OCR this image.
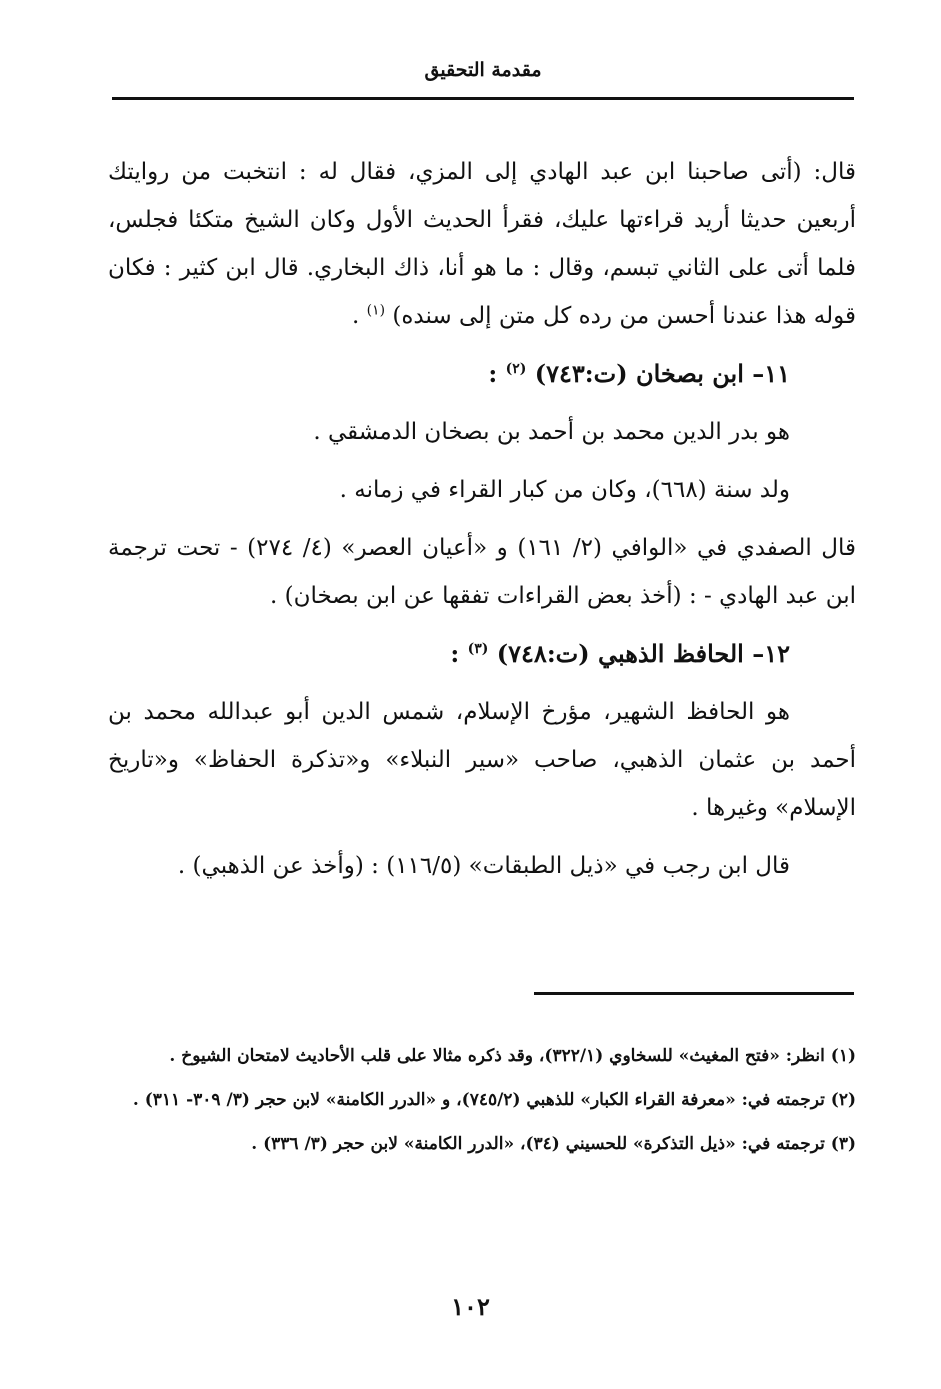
مقدمة التحقيق

قال: (أتى صاحبنا ابن عبد الهادي إلى المزي، فقال له : انتخبت من روايتك أربعين حديثا أريد قراءتها عليك، فقرأ الحديث الأول وكان الشيخ متكئا فجلس، فلما أتى على الثاني تبسم، وقال : ما هو أنا، ذاك البخاري. قال ابن كثير : فكان قوله هذا عندنا أحسن من رده كل متن إلى سنده) $^{(١)}$ .

١١– ابن بصخان (ت:٧٤٣) $^{(٢)}$ :

هو بدر الدين محمد بن أحمد بن بصخان الدمشقي .

ولد سنة (٦٦٨)، وكان من كبار القراء في زمانه .

قال الصفدي في «الوافي (٢/ ١٦١) و «أعيان العصر» (٤/ ٢٧٤) - تحت ترجمة ابن عبد الهادي - : (أخذ بعض القراءات تفقها عن ابن بصخان) .

١٢– الحافظ الذهبي (ت:٧٤٨) $^{(٣)}$ :

هو الحافظ الشهير، مؤرخ الإسلام، شمس الدين أبو عبدالله محمد بن أحمد بن عثمان الذهبي، صاحب «سير النبلاء» و«تذكرة الحفاظ» و«تاريخ الإسلام» وغيرها .

قال ابن رجب في «ذيل الطبقات» (١١٦/٥) : (وأخذ عن الذهبي) .

(١) انظر: «فتح المغيث» للسخاوي (٣٢٢/١)، وقد ذكره مثالا على قلب الأحاديث لامتحان الشيوخ .

(٢) ترجمته في: «معرفة القراء الكبار» للذهبي (٧٤٥/٢)، و «الدرر الكامنة» لابن حجر (٣/ ٣٠٩- ٣١١) .

(٣) ترجمته في: «ذيل التذكرة» للحسيني (٣٤)، «الدرر الكامنة» لابن حجر (٣/ ٣٣٦) .

١٠٢
